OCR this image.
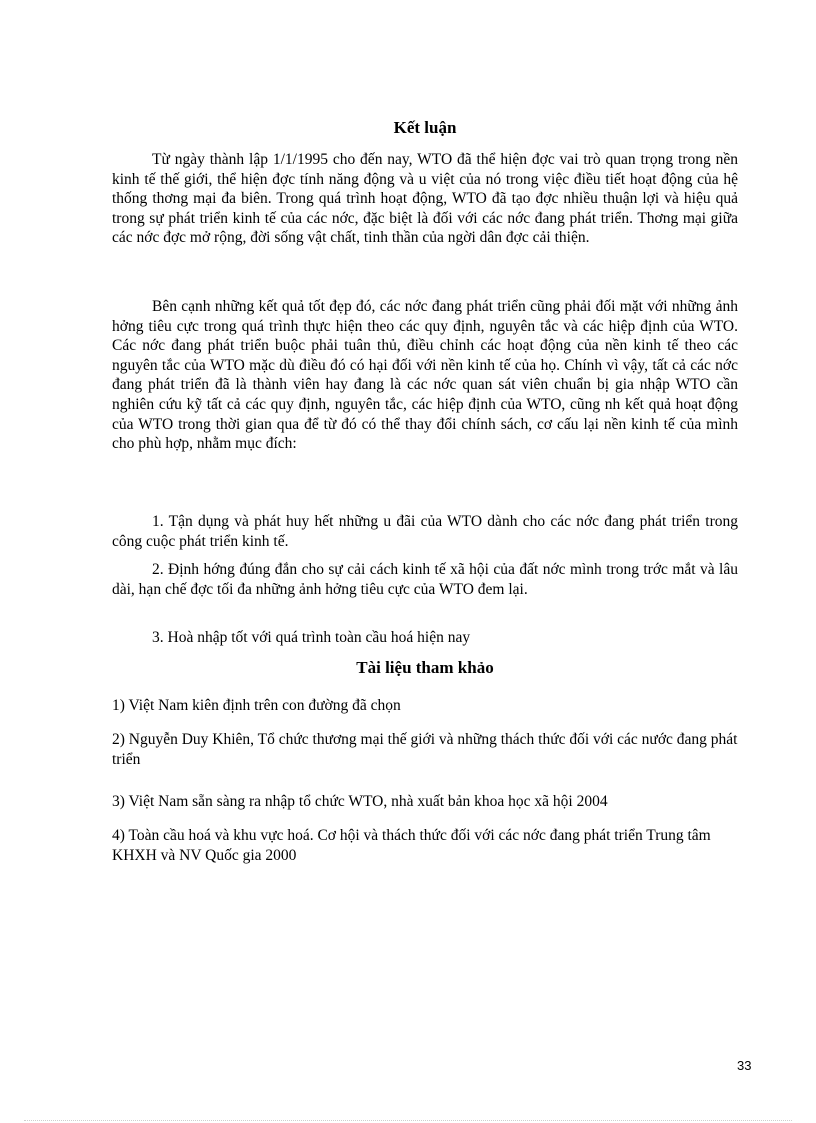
Kết luận

Từ ngày thành lập 1/1/1995 cho đến nay, WTO đã thể hiện đợc vai trò quan trọng trong nền kinh tế thế giới, thể hiện đợc tính năng động và u việt của nó trong việc điều tiết hoạt động của hệ thống thơng mại đa biên. Trong quá trình hoạt động, WTO đã tạo đợc nhiều thuận lợi và hiệu quả trong sự phát triển kinh tế của các nớc, đặc biệt là đối với các nớc đang phát triển. Thơng mại giữa các nớc đợc mở rộng, đời sống vật chất, tinh thần của ngời dân đợc cải thiện.

Bên cạnh những kết quả tốt đẹp đó, các nớc đang phát triển cũng phải đối mặt với những ảnh hởng tiêu cực trong quá trình thực hiện theo các quy định, nguyên tắc và các hiệp định của WTO. Các nớc đang phát triển buộc phải tuân thủ, điều chỉnh các hoạt động của nền kinh tế theo các nguyên tắc của WTO mặc dù điều đó có hại đối với nền kinh tế của họ. Chính vì vậy, tất cả các nớc đang phát triển đã là thành viên hay đang là các nớc quan sát viên chuẩn bị gia nhập WTO cần nghiên cứu kỹ tất cả các quy định, nguyên tắc, các hiệp định của WTO, cũng nh kết quả hoạt động của WTO trong thời gian qua để từ đó có thể thay đổi chính sách, cơ cấu lại nền kinh tế của mình cho phù hợp, nhằm mục đích:

1. Tận dụng và phát huy hết những u đãi của WTO dành cho các nớc đang phát triển trong công cuộc phát triển kinh tế.

2. Định hớng đúng đắn cho sự cải cách kinh tế xã hội của đất nớc mình trong trớc mắt và lâu dài, hạn chế đợc tối đa những ảnh hởng tiêu cực của WTO đem lại.

3. Hoà nhập tốt với quá trình toàn cầu hoá hiện nay

Tài liệu tham khảo

1) Việt Nam kiên định trên con đường đã chọn

2) Nguyễn Duy Khiên, Tổ chức thương mại thế giới và những thách thức đối với các nước đang phát triển

3) Việt Nam sẵn sàng ra nhập tổ chức WTO, nhà xuất bản khoa học xã hội 2004

4) Toàn cầu hoá và khu vực hoá. Cơ hội và thách thức đối với các nớc đang phát triển Trung tâm KHXH và NV Quốc gia 2000

33
